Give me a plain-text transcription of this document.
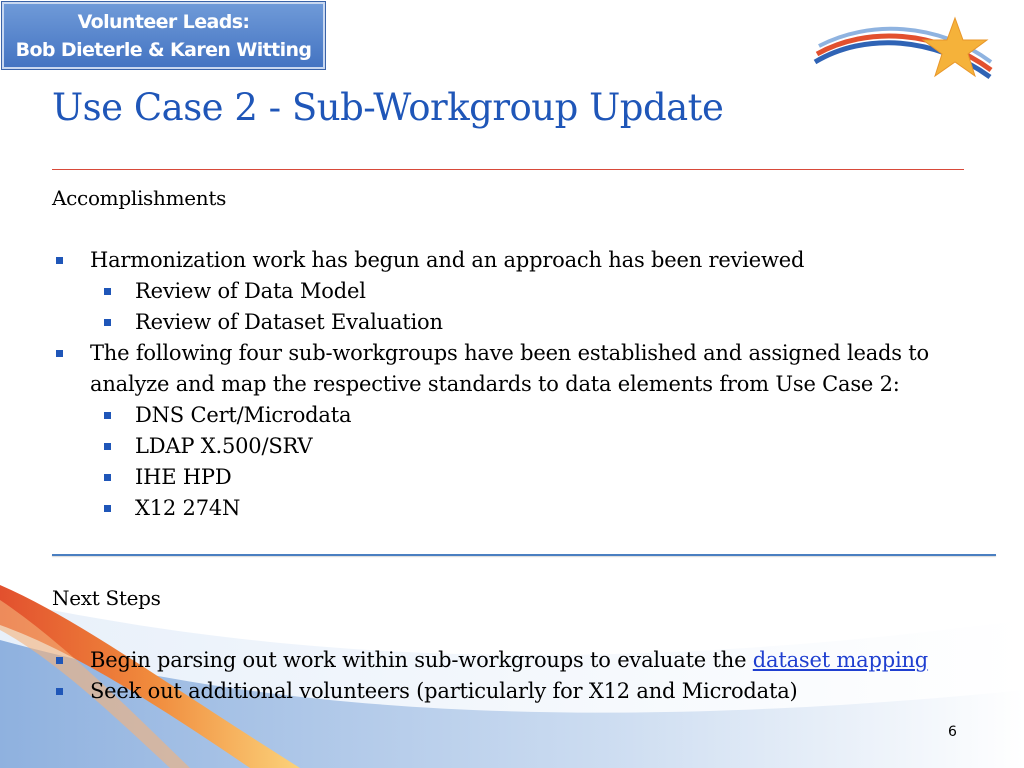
Volunteer Leads:
Bob Dieterle & Karen Witting
Use Case 2 - Sub-Workgroup Update

Accomplishments

Harmonization work has begun and an approach has been reviewed
Review of Data Model
Review of Dataset Evaluation
The following four sub-workgroups have been established and assigned leads to analyze and map the respective standards to data elements from Use Case 2:
DNS Cert/Microdata
LDAP X.500/SRV
IHE HPD
X12 274N

Next Steps

Begin parsing out work within sub-workgroups to evaluate the dataset mapping
Seek out additional volunteers (particularly for X12 and Microdata)
6
